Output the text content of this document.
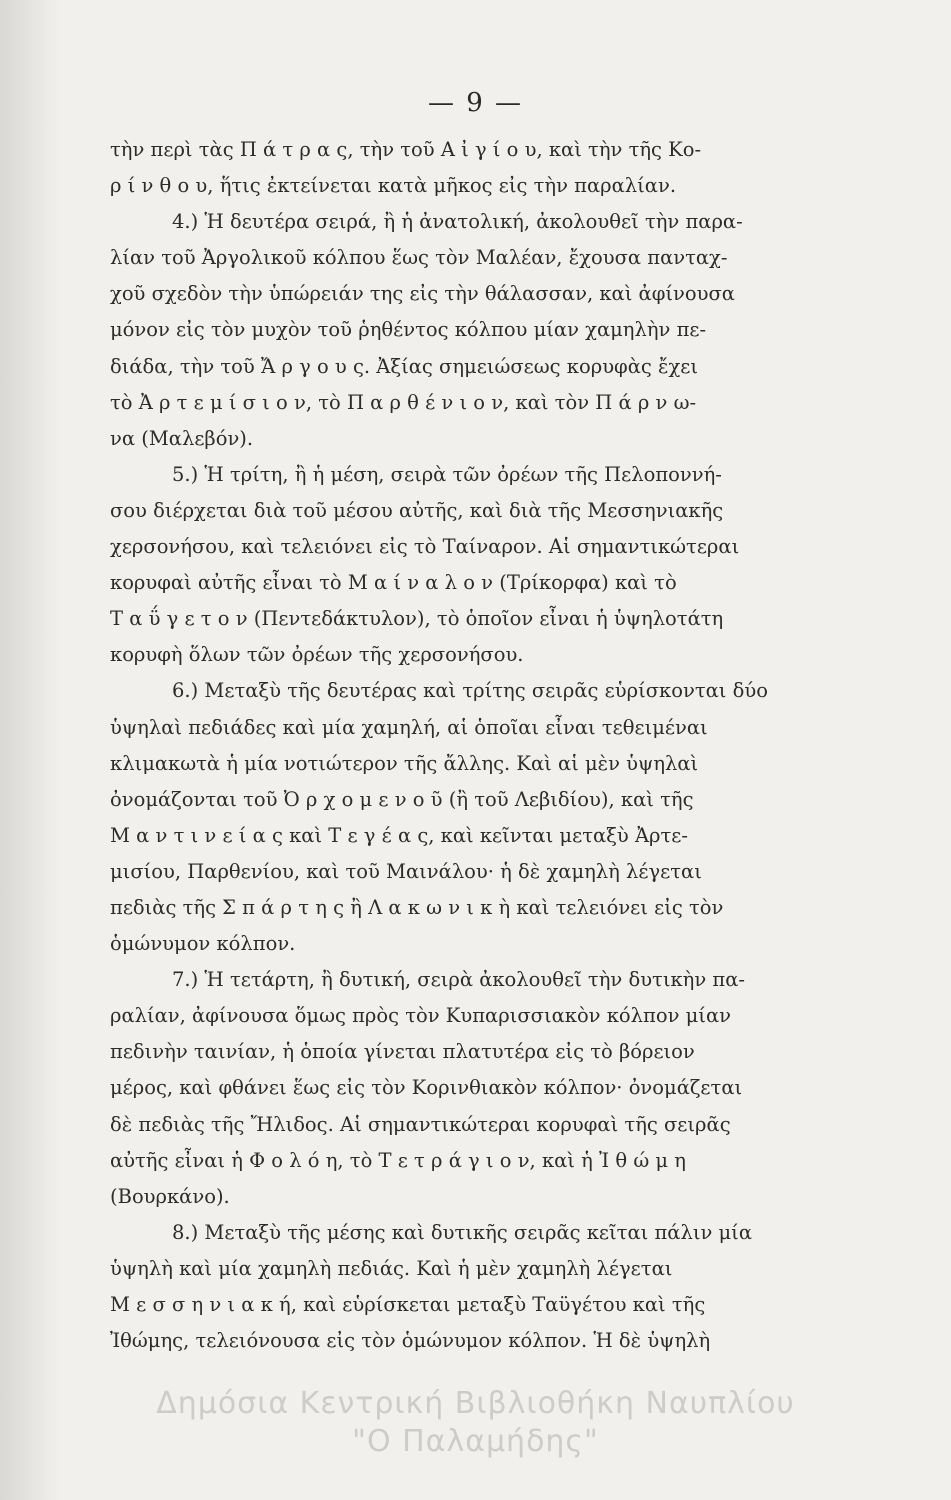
— 9 —
τὴν περὶ τὰς Π ά τ ρ α ς, τὴν τοῦ Α ἰ γ ί ο υ, καὶ τὴν τῆς Κο-
ρ ί ν θ ο υ, ἥτις ἐκτείνεται κατὰ μῆκος εἰς τὴν παραλίαν.
4.) Ἡ δευτέρα σειρά, ἢ ἡ ἀνατολική, ἀκολουθεῖ τὴν παρα-
λίαν τοῦ Ἀργολικοῦ κόλπου ἕως τὸν Μαλέαν, ἔχουσα πανταχ-
χοῦ σχεδὸν τὴν ὑπώρειάν της εἰς τὴν θάλασσαν, καὶ ἀφίνουσα
μόνον εἰς τὸν μυχὸν τοῦ ῥηθέντος κόλπου μίαν χαμηλὴν πε-
διάδα, τὴν τοῦ Ἄ ρ γ ο υ ς. Ἀξίας σημειώσεως κορυφὰς ἔχει
τὸ Ἀ ρ τ ε μ ί σ ι ο ν, τὸ Π α ρ θ έ ν ι ο ν, καὶ τὸν Π ά ρ ν ω-
να (Μαλεβόν).
5.) Ἡ τρίτη, ἢ ἡ μέση, σειρὰ τῶν ὀρέων τῆς Πελοποννή-
σου διέρχεται διὰ τοῦ μέσου αὐτῆς, καὶ διὰ τῆς Μεσσηνιακῆς
χερσονήσου, καὶ τελειόνει εἰς τὸ Ταίναρον. Αἱ σημαντικώτεραι
κορυφαὶ αὐτῆς εἶναι τὸ Μ α ί ν α λ ο ν (Τρίκορφα) καὶ τὸ
Τ α ΰ γ ε τ ο ν (Πεντεδάκτυλον), τὸ ὁποῖον εἶναι ἡ ὑψηλοτάτη
κορυφὴ ὅλων τῶν ὀρέων τῆς χερσονήσου.
6.) Μεταξὺ τῆς δευτέρας καὶ τρίτης σειρᾶς εὑρίσκονται δύο
ὑψηλαὶ πεδιάδες καὶ μία χαμηλή, αἱ ὁποῖαι εἶναι τεθειμέναι
κλιμακωτὰ ἡ μία νοτιώτερον τῆς ἄλλης. Καὶ αἱ μὲν ὑψηλαὶ
ὀνομάζονται τοῦ Ὀ ρ χ ο μ ε ν ο ῦ (ἢ τοῦ Λεβιδίου), καὶ τῆς
Μ α ν τ ι ν ε ί α ς καὶ Τ ε γ έ α ς, καὶ κεῖνται μεταξὺ Ἀρτε-
μισίου, Παρθενίου, καὶ τοῦ Μαινάλου· ἡ δὲ χαμηλὴ λέγεται
πεδιὰς τῆς Σ π ά ρ τ η ς ἢ Λ α κ ω ν ι κ ὴ καὶ τελειόνει εἰς τὸν
ὁμώνυμον κόλπον.
7.) Ἡ τετάρτη, ἢ δυτική, σειρὰ ἀκολουθεῖ τὴν δυτικὴν πα-
ραλίαν, ἀφίνουσα ὅμως πρὸς τὸν Κυπαρισσιακὸν κόλπον μίαν
πεδινὴν ταινίαν, ἡ ὁποία γίνεται πλατυτέρα εἰς τὸ βόρειον
μέρος, καὶ φθάνει ἕως εἰς τὸν Κορινθιακὸν κόλπον· ὀνομάζεται
δὲ πεδιὰς τῆς Ἤλιδος. Αἱ σημαντικώτεραι κορυφαὶ τῆς σειρᾶς
αὐτῆς εἶναι ἡ Φ ο λ ό η, τὸ Τ ε τ ρ ά γ ι ο ν, καὶ ἡ Ἰ θ ώ μ η
(Βουρκάνο).
8.) Μεταξὺ τῆς μέσης καὶ δυτικῆς σειρᾶς κεῖται πάλιν μία
ὑψηλὴ καὶ μία χαμηλὴ πεδιάς. Καὶ ἡ μὲν χαμηλὴ λέγεται
Μ ε σ σ η ν ι α κ ή, καὶ εὑρίσκεται μεταξὺ Ταϋγέτου καὶ τῆς
Ἰθώμης, τελειόνουσα εἰς τὸν ὁμώνυμον κόλπον. Ἡ δὲ ὑψηλὴ
Δημόσια Κεντρική Βιβλιοθήκη Ναυπλίου
"Ο Παλαμήδης"
